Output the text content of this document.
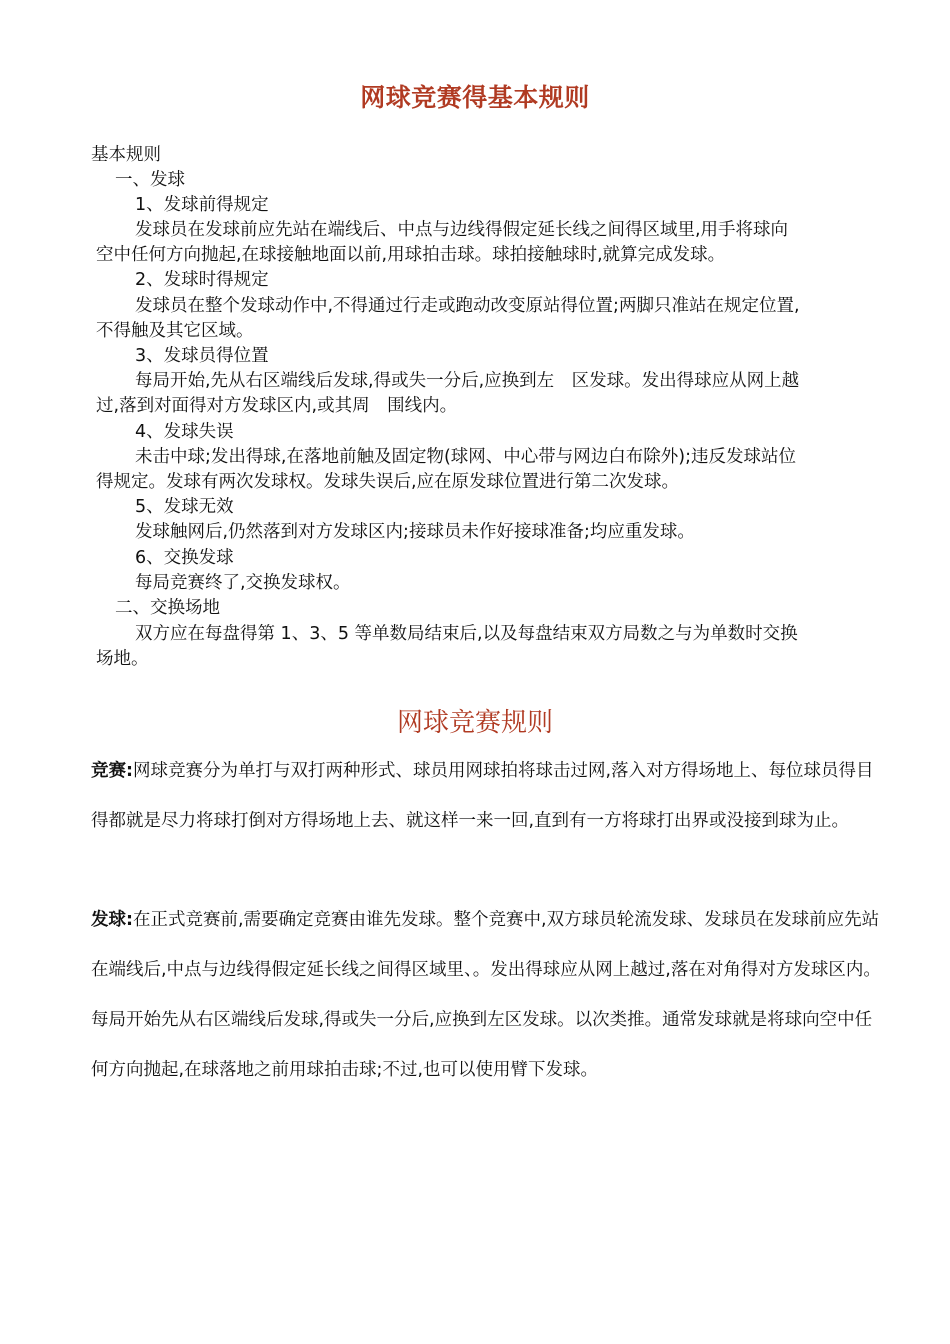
网球竞赛得基本规则
基本规则
一、发球
1、发球前得规定
发球员在发球前应先站在端线后、中点与边线得假定延长线之间得区域里,用手将球向
空中任何方向抛起,在球接触地面以前,用球拍击球。球拍接触球时,就算完成发球。
2、发球时得规定
发球员在整个发球动作中,不得通过行走或跑动改变原站得位置;两脚只准站在规定位置,
不得触及其它区域。
3、发球员得位置
每局开始,先从右区端线后发球,得或失一分后,应换到左　区发球。发出得球应从网上越
过,落到对面得对方发球区内,或其周　围线内。
4、发球失误
未击中球;发出得球,在落地前触及固定物(球网、中心带与网边白布除外);违反发球站位
得规定。发球有两次发球权。发球失误后,应在原发球位置进行第二次发球。
5、发球无效
发球触网后,仍然落到对方发球区内;接球员未作好接球准备;均应重发球。
6、交换发球
每局竞赛终了,交换发球权。
二、交换场地
双方应在每盘得第 1、3、5 等单数局结束后,以及每盘结束双方局数之与为单数时交换
场地。
网球竞赛规则
竞赛:网球竞赛分为单打与双打两种形式、球员用网球拍将球击过网,落入对方得场地上、每位球员得目得都就是尽力将球打倒对方得场地上去、就这样一来一回,直到有一方将球打出界或没接到球为止。
发球:在正式竞赛前,需要确定竞赛由谁先发球。整个竞赛中,双方球员轮流发球、发球员在发球前应先站在端线后,中点与边线得假定延长线之间得区域里、。发出得球应从网上越过,落在对角得对方发球区内。每局开始先从右区端线后发球,得或失一分后,应换到左区发球。以次类推。通常发球就是将球向空中任何方向抛起,在球落地之前用球拍击球;不过,也可以使用臂下发球。
